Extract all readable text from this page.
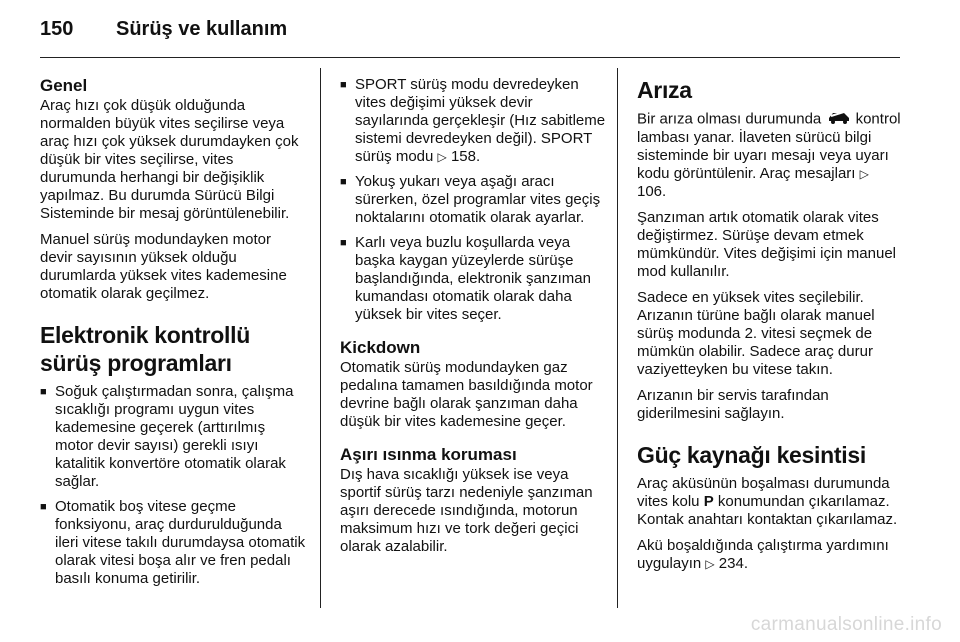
150	Sürüş ve kullanım
Genel

Araç hızı çok düşük olduğunda normalden büyük vites seçilirse veya araç hızı çok yüksek durumdayken çok düşük bir vites seçilirse, vites durumunda herhangi bir değişiklik yapılmaz. Bu durumda Sürücü Bilgi Sisteminde bir mesaj görüntülenebilir.

Manuel sürüş modundayken motor devir sayısının yüksek olduğu durumlarda yüksek vites kademesine otomatik olarak geçilmez.

Elektronik kontrollü sürüş programları
■ Soğuk çalıştırmadan sonra, çalışma sıcaklığı programı uygun vites kademesine geçerek (arttırılmış motor devir sayısı) gerekli ısıyı katalitik konvertöre otomatik olarak sağlar.
■ Otomatik boş vitese geçme fonksiyonu, araç durdurulduğunda ileri vitese takılı durumdaysa otomatik olarak vitesi boşa alır ve fren pedalı basılı konuma getirilir.
■ SPORT sürüş modu devredeyken vites değişimi yüksek devir sayılarında gerçekleşir (Hız sabitleme sistemi devredeyken değil). SPORT sürüş modu ▷ 158.
■ Yokuş yukarı veya aşağı aracı sürerken, özel programlar vites geçiş noktalarını otomatik olarak ayarlar.
■ Karlı veya buzlu koşullarda veya başka kaygan yüzeylerde sürüşe başlandığında, elektronik şanzıman kumandası otomatik olarak daha yüksek bir vites seçer.
Kickdown

Otomatik sürüş modundayken gaz pedalına tamamen basıldığında motor devrine bağlı olarak şanzıman daha düşük bir vites kademesine geçer.

Aşırı ısınma koruması

Dış hava sıcaklığı yüksek ise veya sportif sürüş tarzı nedeniyle şanzıman aşırı derecede ısındığında, motorun maksimum hızı ve tork değeri geçici olarak azalabilir.

Arıza

Bir arıza olması durumunda kontrol lambası yanar. İlaveten sürücü bilgi sisteminde bir uyarı mesajı veya uyarı kodu görüntülenir. Araç mesajları ▷ 106.

Şanzıman artık otomatik olarak vites değiştirmez. Sürüşe devam etmek mümkündür. Vites değişimi için manuel mod kullanılır.

Sadece en yüksek vites seçilebilir. Arızanın türüne bağlı olarak manuel sürüş modunda 2. vitesi seçmek de mümkün olabilir. Sadece araç durur vaziyetteyken bu vitese takın.

Arızanın bir servis tarafından giderilmesini sağlayın.

Güç kaynağı kesintisi

Araç aküsünün boşalması durumunda vites kolu P konumundan çıkarılamaz. Kontak anahtarı kontaktan çıkarılamaz.

Akü boşaldığında çalıştırma yardımını uygulayın ▷ 234.

carmanualsonline.info
